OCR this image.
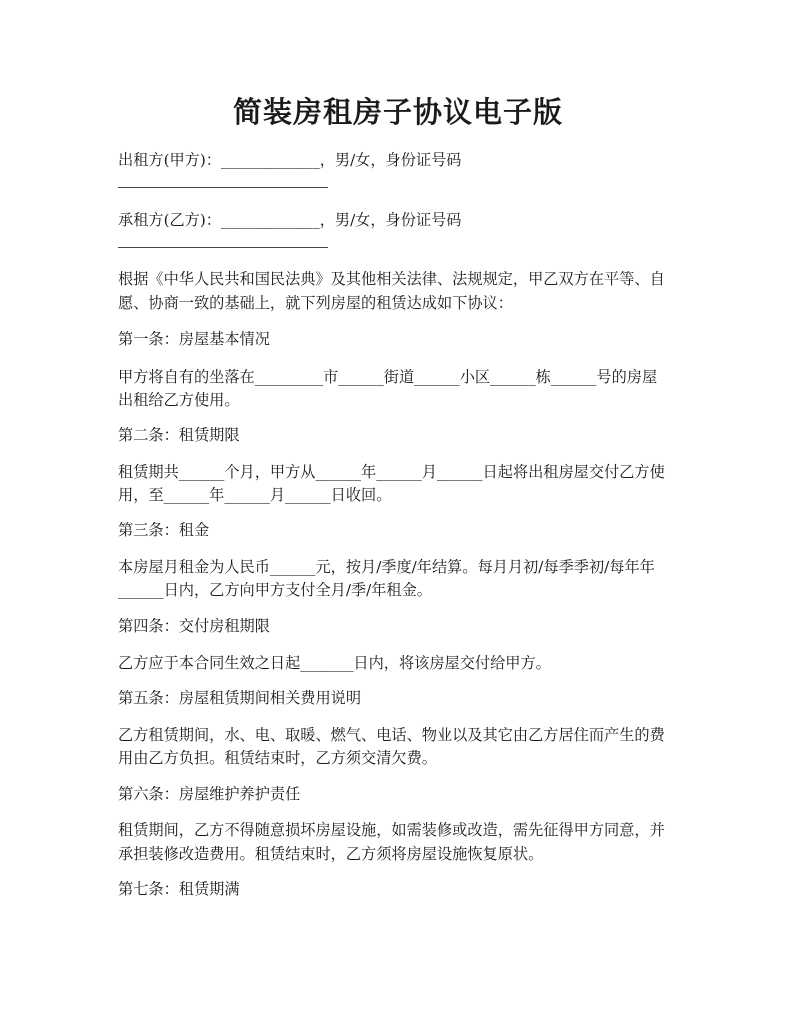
简装房租房子协议电子版
出租方(甲方)：_____________，男/女，身份证号码
承租方(乙方)：_____________，男/女，身份证号码
根据《中华人民共和国民法典》及其他相关法律、法规规定，甲乙双方在平等、自
愿、协商一致的基础上，就下列房屋的租赁达成如下协议：
第一条：房屋基本情况
甲方将自有的坐落在_________市______街道______小区______栋______号的房屋
出租给乙方使用。
第二条：租赁期限
租赁期共______个月，甲方从______年______月______日起将出租房屋交付乙方使
用，至______年______月______日收回。
第三条：租金
本房屋月租金为人民币______元，按月/季度/年结算。每月月初/每季季初/每年年
______日内，乙方向甲方支付全月/季/年租金。
第四条：交付房租期限
乙方应于本合同生效之日起_______日内，将该房屋交付给甲方。
第五条：房屋租赁期间相关费用说明
乙方租赁期间，水、电、取暖、燃气、电话、物业以及其它由乙方居住而产生的费
用由乙方负担。租赁结束时，乙方须交清欠费。
第六条：房屋维护养护责任
租赁期间，乙方不得随意损坏房屋设施，如需装修或改造，需先征得甲方同意，并
承担装修改造费用。租赁结束时，乙方须将房屋设施恢复原状。
第七条：租赁期满
